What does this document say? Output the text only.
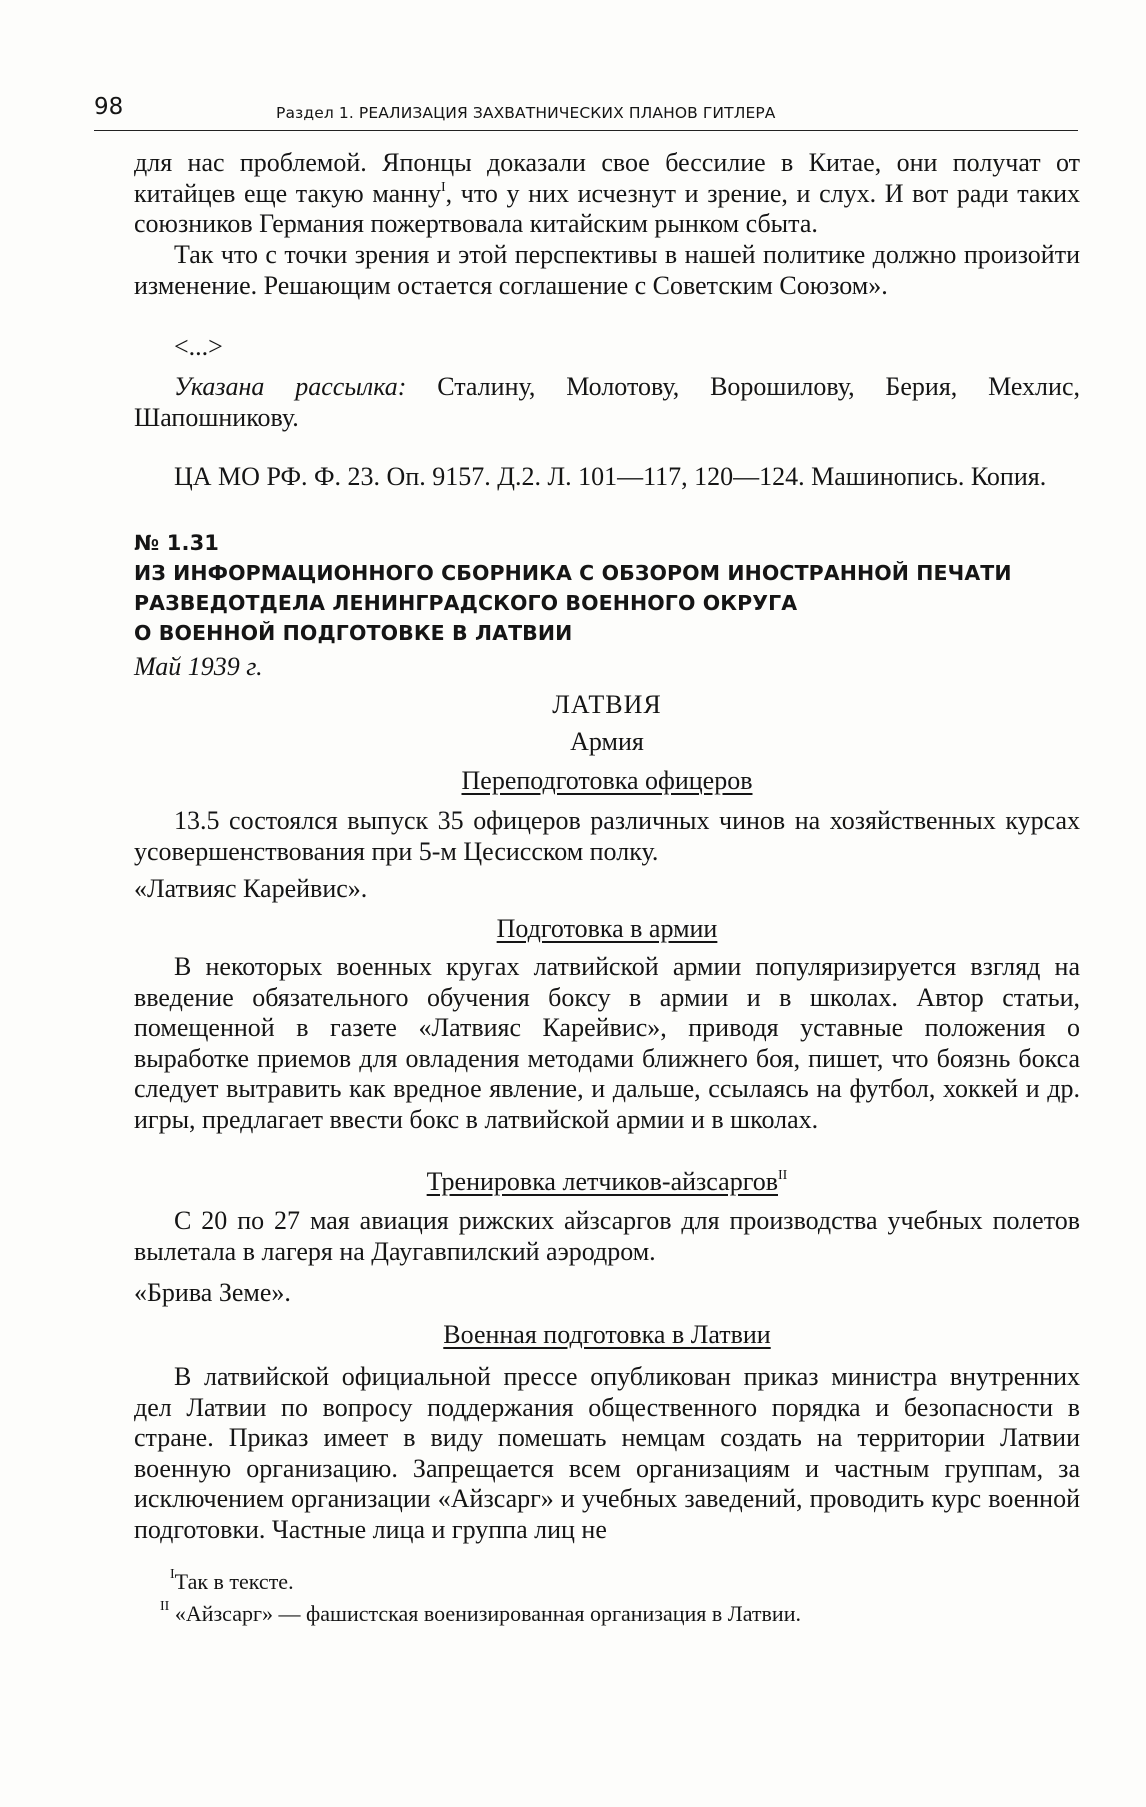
98	Раздел 1. РЕАЛИЗАЦИЯ ЗАХВАТНИЧЕСКИХ ПЛАНОВ ГИТЛЕРА
для нас проблемой. Японцы доказали свое бессилие в Китае, они получат от китайцев еще такую манну$^I$, что у них исчезнут и зрение, и слух. И вот ради таких союзников Германия пожертвовала китайским рынком сбыта.
Так что с точки зрения и этой перспективы в нашей политике должно произойти изменение. Решающим остается соглашение с Советским Союзом».
<...>
Указана рассылка: Сталину, Молотову, Ворошилову, Берия, Мехлис, Шапошникову.
ЦА МО РФ. Ф. 23. Оп. 9157. Д.2. Л. 101—117, 120—124. Машинопись. Копия.
№ 1.31
ИЗ ИНФОРМАЦИОННОГО СБОРНИКА С ОБЗОРОМ ИНОСТРАННОЙ ПЕЧАТИ
РАЗВЕДОТДЕЛА ЛЕНИНГРАДСКОГО ВОЕННОГО ОКРУГА
О ВОЕННОЙ ПОДГОТОВКЕ В ЛАТВИИ
Май 1939 г.
ЛАТВИЯ
Армия
Переподготовка офицеров
13.5 состоялся выпуск 35 офицеров различных чинов на хозяйственных курсах усовершенствования при 5-м Цесисском полку.
«Латвияс Карейвис».
Подготовка в армии
В некоторых военных кругах латвийской армии популяризируется взгляд на введение обязательного обучения боксу в армии и в школах. Автор статьи, помещенной в газете «Латвияс Карейвис», приводя уставные положения о выработке приемов для овладения методами ближнего боя, пишет, что боязнь бокса следует вытравить как вредное явление, и дальше, ссылаясь на футбол, хоккей и др. игры, предлагает ввести бокс в латвийской армии и в школах.
Тренировка летчиков-айзсаргов$^{II}$
С 20 по 27 мая авиация рижских айзсаргов для производства учебных полетов вылетала в лагеря на Даугавпилский аэродром.
«Брива Земе».
Военная подготовка в Латвии
В латвийской официальной прессе опубликован приказ министра внутренних дел Латвии по вопросу поддержания общественного порядка и безопасности в стране. Приказ имеет в виду помешать немцам создать на территории Латвии военную организацию. Запрещается всем организациям и частным группам, за исключением организации «Айзсарг» и учебных заведений, проводить курс военной подготовки. Частные лица и группа лиц не
$^I$Так в тексте.
$^{II}$ «Айзсарг» — фашистская военизированная организация в Латвии.
